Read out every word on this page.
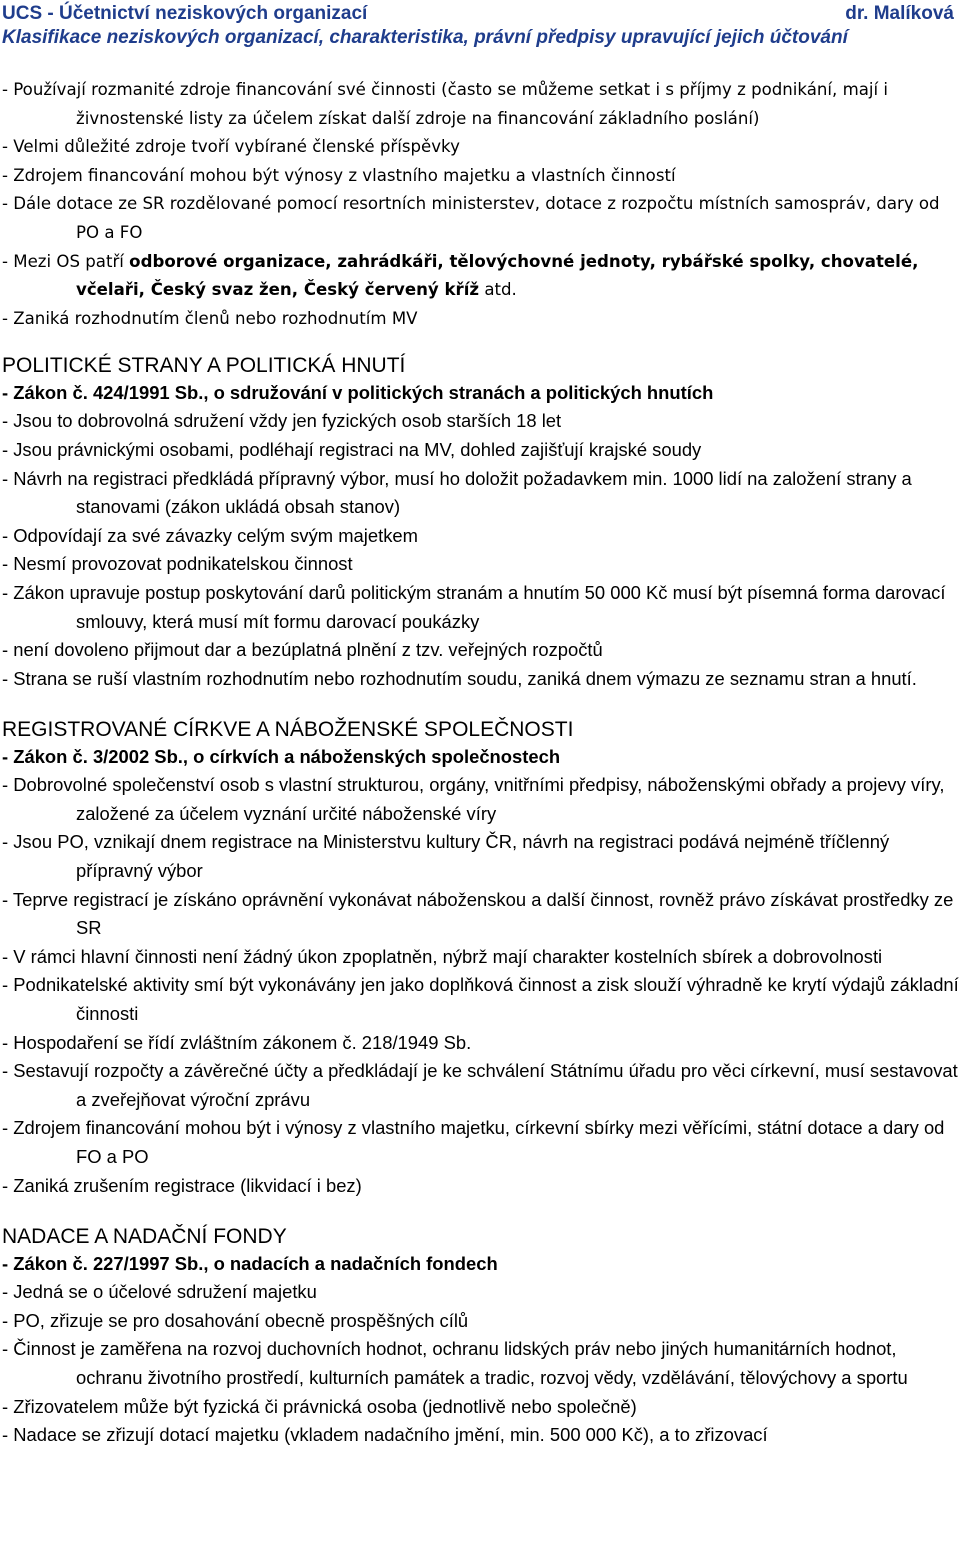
UCS - Účetnictví neziskových organizací	dr. Malíková
Klasifikace neziskových organizací, charakteristika, právní předpisy upravující jejich účtování
- Používají rozmanité zdroje financování své činnosti (často se můžeme setkat i s příjmy z podnikání, mají i živnostenské listy za účelem získat další zdroje na financování základního poslání)
- Velmi důležité zdroje tvoří vybírané členské příspěvky
- Zdrojem financování mohou být výnosy z vlastního majetku a vlastních činností
- Dále dotace ze SR rozdělované pomocí resortních ministerstev, dotace z rozpočtu místních samospráv, dary od PO a FO
- Mezi OS patří odborové organizace, zahrádkáři, tělovýchovné jednoty, rybářské spolky, chovatelé, včelaři, Český svaz žen, Český červený kříž atd.
- Zaniká rozhodnutím členů nebo rozhodnutím MV
POLITICKÉ STRANY A POLITICKÁ HNUTÍ
- Zákon č. 424/1991 Sb., o sdružování v politických stranách a politických hnutích
- Jsou to dobrovolná sdružení vždy jen fyzických osob starších 18 let
- Jsou právnickými osobami, podléhají registraci na MV, dohled zajišťují krajské soudy
- Návrh na registraci předkládá přípravný výbor, musí ho doložit požadavkem min. 1000 lidí na založení strany a stanovami (zákon ukládá obsah stanov)
- Odpovídají za své závazky celým svým majetkem
- Nesmí provozovat podnikatelskou činnost
- Zákon upravuje postup poskytování darů politickým stranám a hnutím 50 000 Kč musí být písemná forma darovací smlouvy, která musí mít formu darovací poukázky
- není dovoleno přijmout dar a bezúplatná plnění z tzv. veřejných rozpočtů
- Strana se ruší vlastním rozhodnutím nebo rozhodnutím soudu, zaniká dnem výmazu ze seznamu stran a hnutí.
REGISTROVANÉ CÍRKVE A NÁBOŽENSKÉ SPOLEČNOSTI
- Zákon č. 3/2002 Sb., o církvích a náboženských společnostech
- Dobrovolné společenství osob s vlastní strukturou, orgány, vnitřními předpisy, náboženskými obřady a projevy víry, založené za účelem vyznání určité náboženské víry
- Jsou PO, vznikají dnem registrace na Ministerstvu kultury ČR, návrh na registraci podává nejméně tříčlenný přípravný výbor
- Teprve registrací je získáno oprávnění vykonávat náboženskou a další činnost, rovněž právo získávat prostředky ze SR
- V rámci hlavní činnosti není žádný úkon zpoplatněn, nýbrž mají charakter kostelních sbírek a dobrovolnosti
- Podnikatelské aktivity smí být vykonávány jen jako doplňková činnost a zisk slouží výhradně ke krytí výdajů základní činnosti
- Hospodaření se řídí zvláštním zákonem č. 218/1949 Sb.
- Sestavují rozpočty a závěrečné účty a předkládají je ke schválení Státnímu úřadu pro věci církevní, musí sestavovat a zveřejňovat výroční zprávu
- Zdrojem financování mohou být i výnosy z vlastního majetku, církevní sbírky mezi věřícími, státní dotace a dary od FO a PO
- Zaniká zrušením registrace (likvidací i bez)
NADACE A NADAČNÍ FONDY
- Zákon č. 227/1997 Sb., o nadacích a nadačních fondech
- Jedná se o účelové sdružení majetku
- PO, zřizuje se pro dosahování obecně prospěšných cílů
- Činnost je zaměřena na rozvoj duchovních hodnot, ochranu lidských práv nebo jiných humanitárních hodnot, ochranu životního prostředí, kulturních památek a tradic, rozvoj vědy, vzdělávání, tělovýchovy a sportu
- Zřizovatelem může být fyzická či právnická osoba (jednotlivě nebo společně)
- Nadace se zřizují dotací majetku (vkladem nadačního jmění, min. 500 000 Kč), a to zřizovací
